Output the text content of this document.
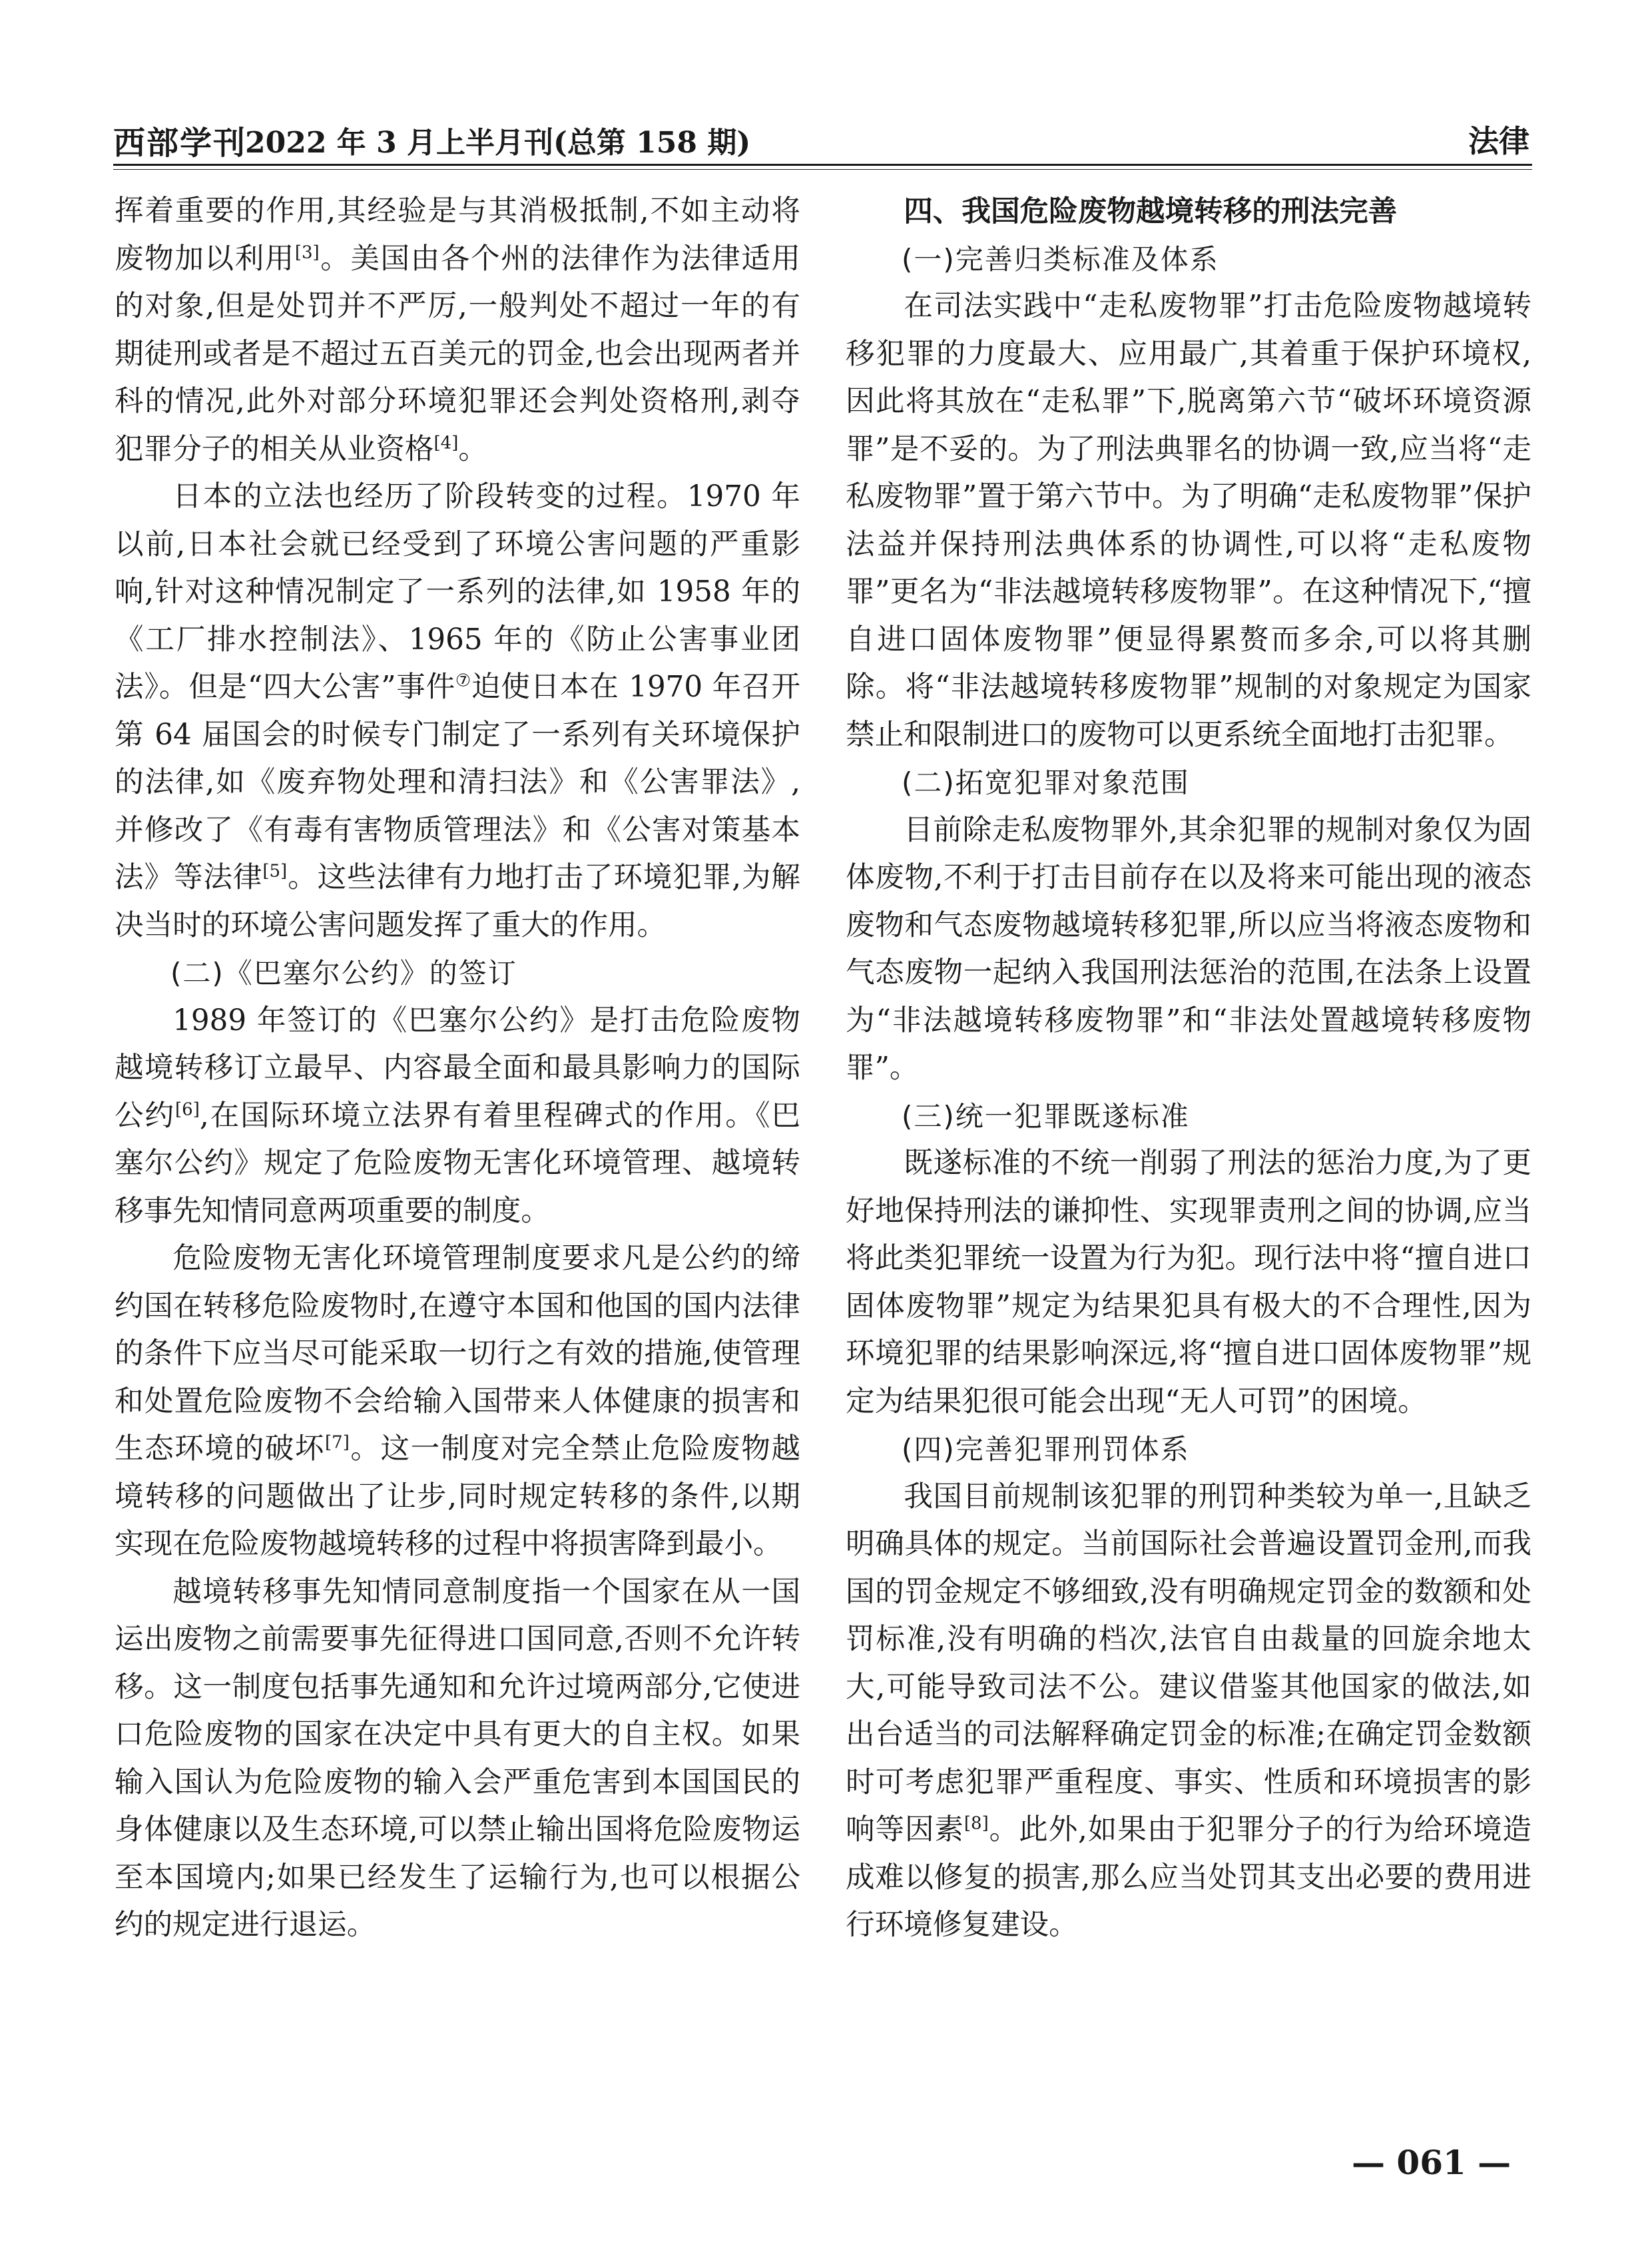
西部学刊
2022 年 3 月上半月刊(总第 158 期)	法律

挥着重要的作用,其经验是与其消极抵制,不如主动将废物加以利用[3]。美国由各个州的法律作为法律适用的对象,但是处罚并不严厉,一般判处不超过一年的有期徒刑或者是不超过五百美元的罚金,也会出现两者并科的情况,此外对部分环境犯罪还会判处资格刑,剥夺犯罪分子的相关从业资格[4]。

日本的立法也经历了阶段转变的过程。1970 年以前,日本社会就已经受到了环境公害问题的严重影响,针对这种情况制定了一系列的法律,如 1958 年的《工厂排水控制法》、1965 年的《防止公害事业团法》。但是“四大公害”事件⑦迫使日本在 1970 年召开第 64 届国会的时候专门制定了一系列有关环境保护的法律,如《废弃物处理和清扫法》和《公害罪法》,并修改了《有毒有害物质管理法》和《公害对策基本法》等法律[5]。这些法律有力地打击了环境犯罪,为解决当时的环境公害问题发挥了重大的作用。

(二)《巴塞尔公约》的签订

1989 年签订的《巴塞尔公约》是打击危险废物越境转移订立最早、内容最全面和最具影响力的国际公约[6],在国际环境立法界有着里程碑式的作用。《巴塞尔公约》规定了危险废物无害化环境管理、越境转移事先知情同意两项重要的制度。

危险废物无害化环境管理制度要求凡是公约的缔约国在转移危险废物时,在遵守本国和他国的国内法律的条件下应当尽可能采取一切行之有效的措施,使管理和处置危险废物不会给输入国带来人体健康的损害和生态环境的破坏[7]。这一制度对完全禁止危险废物越境转移的问题做出了让步,同时规定转移的条件,以期实现在危险废物越境转移的过程中将损害降到最小。

越境转移事先知情同意制度指一个国家在从一国运出废物之前需要事先征得进口国同意,否则不允许转移。这一制度包括事先通知和允许过境两部分,它使进口危险废物的国家在决定中具有更大的自主权。如果输入国认为危险废物的输入会严重危害到本国国民的身体健康以及生态环境,可以禁止输出国将危险废物运至本国境内;如果已经发生了运输行为,也可以根据公约的规定进行退运。

四、我国危险废物越境转移的刑法完善
(一)完善归类标准及体系

在司法实践中“走私废物罪”打击危险废物越境转移犯罪的力度最大、应用最广,其着重于保护环境权,因此将其放在“走私罪”下,脱离第六节“破坏环境资源罪”是不妥的。为了刑法典罪名的协调一致,应当将“走私废物罪”置于第六节中。为了明确“走私废物罪”保护法益并保持刑法典体系的协调性,可以将“走私废物罪”更名为“非法越境转移废物罪”。在这种情况下,“擅自进口固体废物罪”便显得累赘而多余,可以将其删除。将“非法越境转移废物罪”规制的对象规定为国家禁止和限制进口的废物可以更系统全面地打击犯罪。

(二)拓宽犯罪对象范围

目前除走私废物罪外,其余犯罪的规制对象仅为固体废物,不利于打击目前存在以及将来可能出现的液态废物和气态废物越境转移犯罪,所以应当将液态废物和气态废物一起纳入我国刑法惩治的范围,在法条上设置为“非法越境转移废物罪”和“非法处置越境转移废物罪”。

(三)统一犯罪既遂标准

既遂标准的不统一削弱了刑法的惩治力度,为了更好地保持刑法的谦抑性、实现罪责刑之间的协调,应当将此类犯罪统一设置为行为犯。现行法中将“擅自进口固体废物罪”规定为结果犯具有极大的不合理性,因为环境犯罪的结果影响深远,将“擅自进口固体废物罪”规定为结果犯很可能会出现“无人可罚”的困境。

(四)完善犯罪刑罚体系

我国目前规制该犯罪的刑罚种类较为单一,且缺乏明确具体的规定。当前国际社会普遍设置罚金刑,而我国的罚金规定不够细致,没有明确规定罚金的数额和处罚标准,没有明确的档次,法官自由裁量的回旋余地太大,可能导致司法不公。建议借鉴其他国家的做法,如出台适当的司法解释确定罚金的标准;在确定罚金数额时可考虑犯罪严重程度、事实、性质和环境损害的影响等因素[8]。此外,如果由于犯罪分子的行为给环境造成难以修复的损害,那么应当处罚其支出必要的费用进行环境修复建设。

— 061 —
